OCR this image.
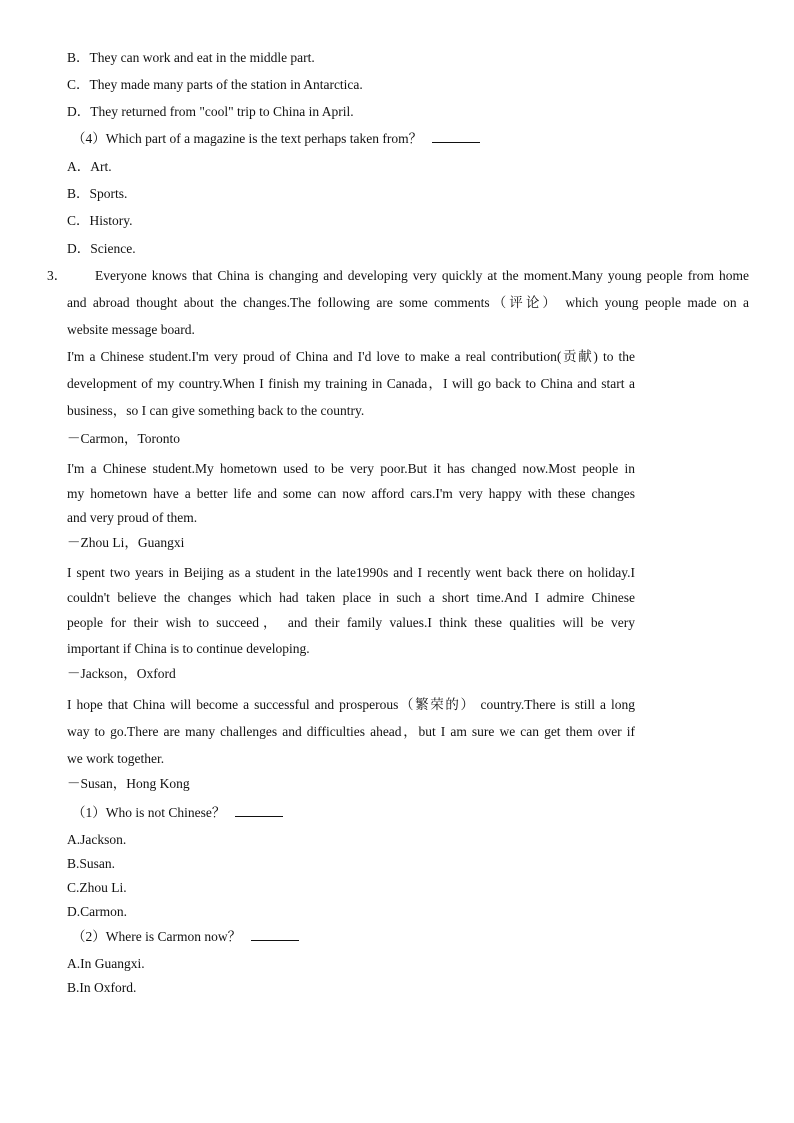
B．They can work and eat in the middle part.
C．They made many parts of the station in Antarctica.
D．They returned from "cool" trip to China in April.
（4）Which part of a magazine is the text perhaps taken from？
A．Art.
B．Sports.
C．History.
D．Science.
3． Everyone knows that China is changing and developing very quickly at the moment.Many young people from home
and abroad thought about the changes.The following are some comments（评论） which young people made on a
website message board.
I'm a Chinese student.I'm very proud of China and I'd love to make a real contribution(贡献) to the
development of my country.When I finish my training in Canada，I will go back to China and start a
business，so I can give something back to the country.
－Carmon，Toronto
I'm a Chinese student.My hometown used to be very poor.But it has changed now.Most people in
my hometown have a better life and some can now afford cars.I'm very happy with these changes
and very proud of them.
－Zhou Li，Guangxi
I spent two years in Beijing as a student in the late1990s and I recently went back there on holiday.I
couldn't believe the changes which had taken place in such a short time.And I admire Chinese
people for their wish to succeed， and their family values.I think these qualities will be very
important if China is to continue developing.
－Jackson，Oxford
I hope that China will become a successful and prosperous（繁荣的） country.There is still a long
way to go.There are many challenges and difficulties ahead，but I am sure we can get them over if
we work together.
－Susan，Hong Kong
（1）Who is not Chinese？
A.Jackson.
B.Susan.
C.Zhou Li.
D.Carmon.
（2）Where is Carmon now？
A.In Guangxi.
B.In Oxford.
